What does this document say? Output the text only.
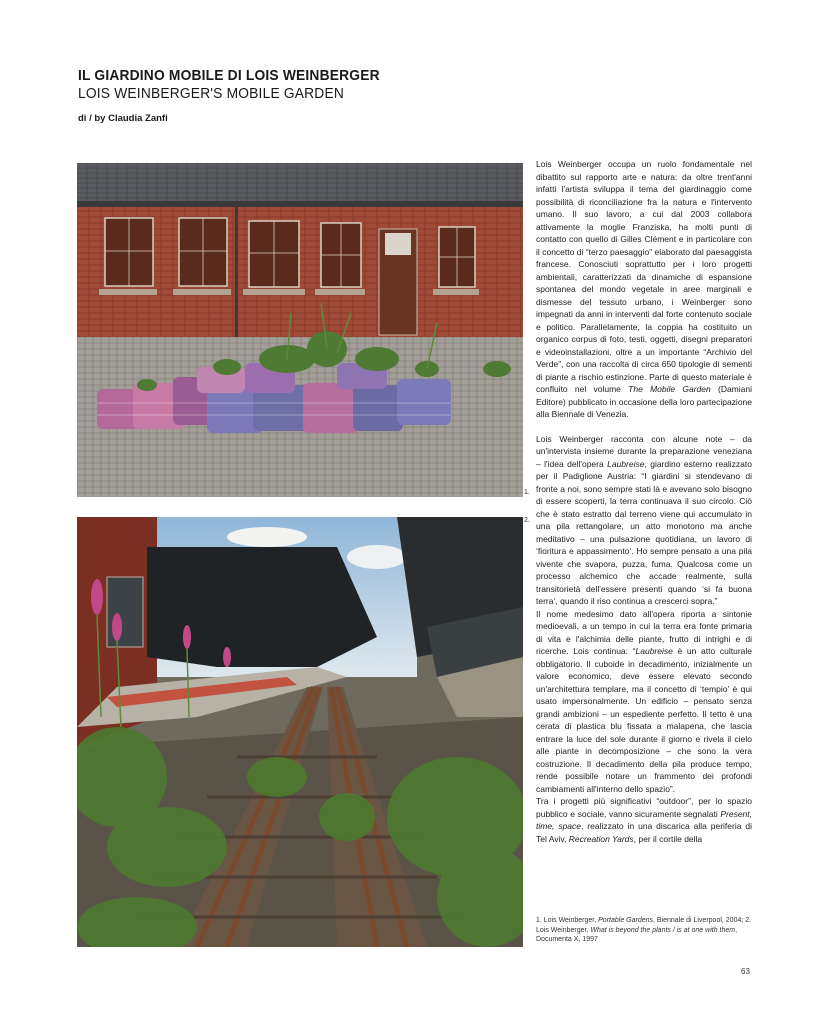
IL GIARDINO MOBILE DI LOIS WEINBERGER
LOIS WEINBERGER'S MOBILE GARDEN
di / by Claudia Zanfi
1.
2.

Lois Weinberger occupa un ruolo fondamentale nel dibattito sul rapporto arte e natura: da oltre trent'anni infatti l'artista sviluppa il tema del giardinaggio come possibilità di riconciliazione fra la natura e l'intervento umano. Il suo lavoro, a cui dal 2003 collabora attivamente la moglie Franziska, ha molti punti di contatto con quello di Gilles Clément e in particolare con il concetto di “terzo paesaggio” elaborato dal paesaggista francese. Conosciuti soprattutto per i loro progetti ambientali, caratterizzati da dinamiche di espansione spontanea del mondo vegetale in aree marginali e dismesse del tessuto urbano, i Weinberger sono impegnati da anni in interventi dal forte contenuto sociale e politico. Parallelamente, la coppia ha costituito un organico corpus di foto, testi, oggetti, disegni preparatori e videoinstallazioni, oltre a un importante “Archivio del Verde”, con una raccolta di circa 650 tipologie di sementi di piante a rischio estinzione. Parte di questo materiale è confluito nel volume The Mobile Garden (Damiani Editore) pubblicato in occasione della loro partecipazione alla Biennale di Venezia.

Lois Weinberger racconta con alcune note – da un'intervista insieme durante la preparazione veneziana – l'idea dell'opera Laubreise, giardino esterno realizzato per il Padiglione Austria: “I giardini si stendevano di fronte a noi, sono sempre stati là e avevano solo bisogno di essere scoperti, la terra continuava il suo circolo. Ciò che è stato estratto dal terreno viene qui accumulato in una pila rettangolare, un atto monotono ma anche meditativo – una pulsazione quotidiana, un lavoro di ‘fioritura e appassimento’. Ho sempre pensato a una pila vivente che svapora, puzza, fuma. Qualcosa come un processo alchemico che accade realmente, sulla transitorietà dell'essere presenti quando ‘si fa buona terra’, quando il riso continua a crescerci sopra.”

Il nome medesimo dato all'opera riporta a sintonie medioevali, a un tempo in cui la terra era fonte primaria di vita e l'alchimia delle piante, frutto di intrighi e di ricerche. Lois continua: “Laubreise è un atto culturale obbligatorio. Il cuboide in decadimento, inizialmente un valore economico, deve essere elevato secondo un'architettura templare, ma il concetto di ‘tempio’ è qui usato impersonalmente. Un edificio – pensato senza grandi ambizioni – un espediente perfetto. Il tetto è una cerata di plastica blu fissata a malapena, che lascia entrare la luce del sole durante il giorno e rivela il cielo alle piante in decomposizione – che sono la vera costruzione. Il decadimento della pila produce tempo, rende possibile notare un frammento dei profondi cambiamenti all'interno dello spazio”.

Tra i progetti più significativi “outdoor”, per lo spazio pubblico e sociale, vanno sicuramente segnalati Present, time, space, realizzato in una discarica alla periferia di Tel Aviv, Recreation Yards, per il cortile della

1. Lois Weinberger, Portable Gardens, Biennale di Liverpool, 2004; 2. Lois Weinberger, What is beyond the plants / is at one with them, Documenta X, 1997
63
